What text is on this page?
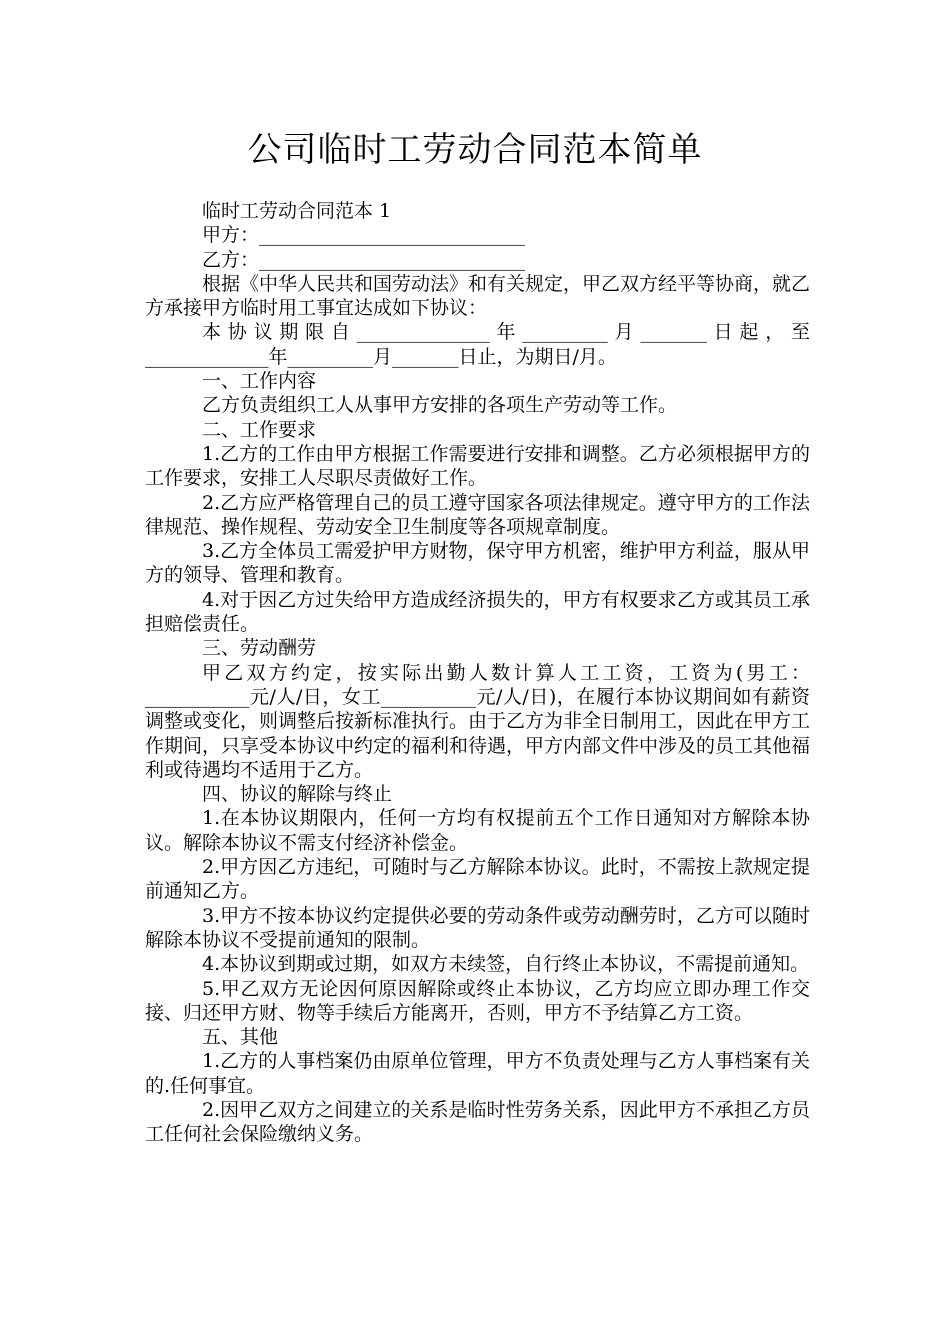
公司临时工劳动合同范本简单

临时工劳动合同范本 1

甲方：____________________________

乙方：____________________________

根据《中华人民共和国劳动法》和有关规定，甲乙双方经平等协商，就乙方承接甲方临时用工事宜达成如下协议：

本协议期限自______________年_________月_______日起，至_____________年_________月_______日止，为期日/月。

一、工作内容

乙方负责组织工人从事甲方安排的各项生产劳动等工作。

二、工作要求

1.乙方的工作由甲方根据工作需要进行安排和调整。乙方必须根据甲方的工作要求，安排工人尽职尽责做好工作。

2.乙方应严格管理自己的员工遵守国家各项法律规定。遵守甲方的工作法律规范、操作规程、劳动安全卫生制度等各项规章制度。

3.乙方全体员工需爱护甲方财物，保守甲方机密，维护甲方利益，服从甲方的领导、管理和教育。

4.对于因乙方过失给甲方造成经济损失的，甲方有权要求乙方或其员工承担赔偿责任。

三、劳动酬劳

甲乙双方约定，按实际出勤人数计算人工工资，工资为(男工：___________元/人/日，女工__________元/人/日)，在履行本协议期间如有薪资调整或变化，则调整后按新标准执行。由于乙方为非全日制用工，因此在甲方工作期间，只享受本协议中约定的福利和待遇，甲方内部文件中涉及的员工其他福利或待遇均不适用于乙方。

四、协议的解除与终止

1.在本协议期限内，任何一方均有权提前五个工作日通知对方解除本协议。解除本协议不需支付经济补偿金。

2.甲方因乙方违纪，可随时与乙方解除本协议。此时，不需按上款规定提前通知乙方。

3.甲方不按本协议约定提供必要的劳动条件或劳动酬劳时，乙方可以随时解除本协议不受提前通知的限制。

4.本协议到期或过期，如双方未续签，自行终止本协议，不需提前通知。

5.甲乙双方无论因何原因解除或终止本协议，乙方均应立即办理工作交接、归还甲方财、物等手续后方能离开，否则，甲方不予结算乙方工资。

五、其他

1.乙方的人事档案仍由原单位管理，甲方不负责处理与乙方人事档案有关的.任何事宜。

2.因甲乙双方之间建立的关系是临时性劳务关系，因此甲方不承担乙方员工任何社会保险缴纳义务。
